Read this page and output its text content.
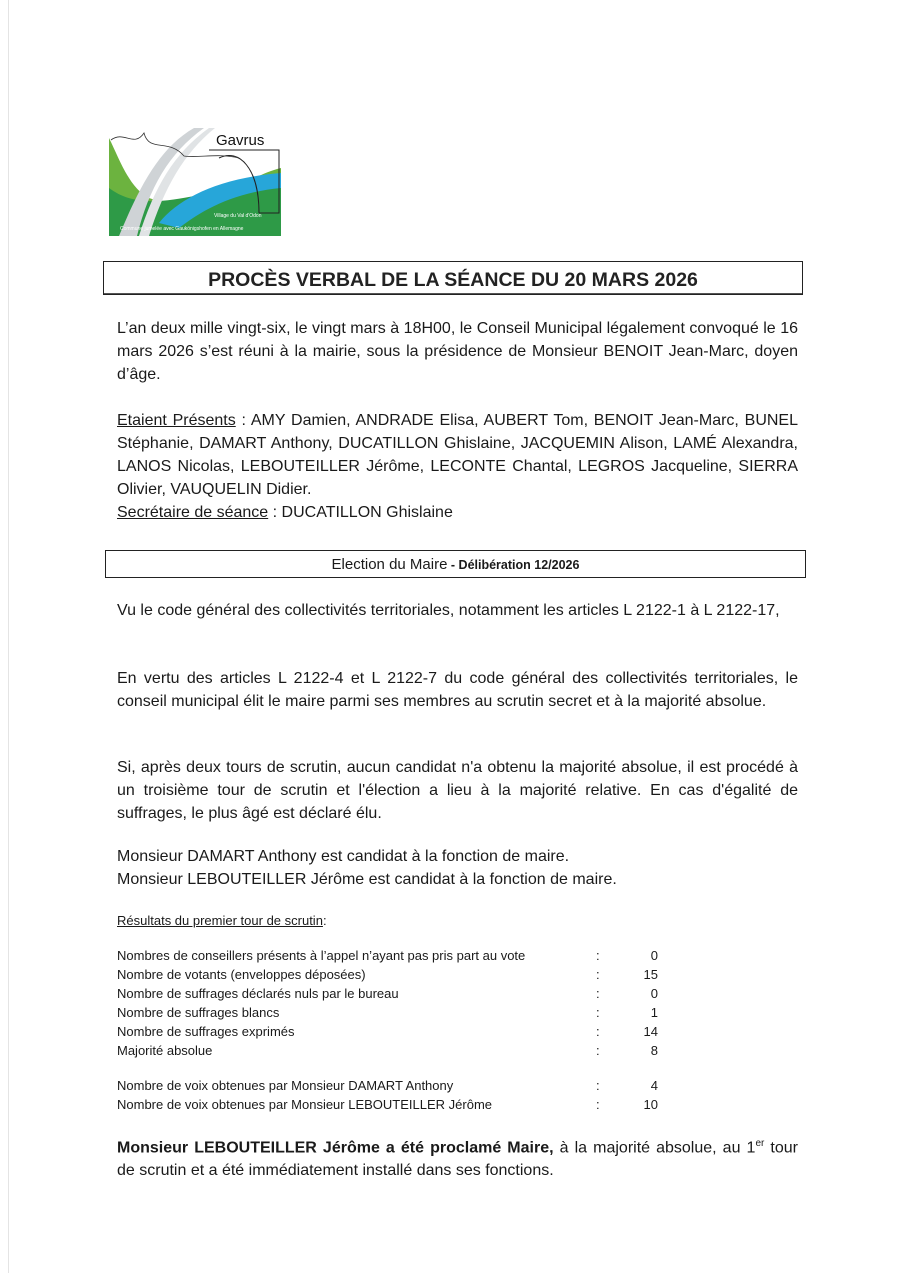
Gavrus
Village du Val d'Odon
Commune jumelée avec Gaukönigshofen en Allemagne
PROCÈS VERBAL DE LA SÉANCE DU 20 MARS 2026
L’an deux mille vingt-six, le vingt mars à 18H00, le Conseil Municipal légalement convoqué le 16 mars 2026 s’est réuni à la mairie, sous la présidence de Monsieur BENOIT Jean-Marc, doyen d’âge.
Etaient Présents : AMY Damien, ANDRADE Elisa, AUBERT Tom, BENOIT Jean-Marc, BUNEL Stéphanie, DAMART Anthony, DUCATILLON Ghislaine, JACQUEMIN Alison, LAMÉ Alexandra, LANOS Nicolas, LEBOUTEILLER Jérôme, LECONTE Chantal, LEGROS Jacqueline, SIERRA Olivier, VAUQUELIN Didier.
Secrétaire de séance : DUCATILLON Ghislaine
Election du Maire - Délibération 12/2026
Vu le code général des collectivités territoriales, notamment les articles L 2122-1 à L 2122-17,
En vertu des articles L 2122-4 et L 2122-7 du code général des collectivités territoriales, le conseil municipal élit le maire parmi ses membres au scrutin secret et à la majorité absolue.
Si, après deux tours de scrutin, aucun candidat n'a obtenu la majorité absolue, il est procédé à un troisième tour de scrutin et l'élection a lieu à la majorité relative. En cas d'égalité de suffrages, le plus âgé est déclaré élu.
Monsieur DAMART Anthony est candidat à la fonction de maire.
Monsieur LEBOUTEILLER Jérôme est candidat à la fonction de maire.
Résultats du premier tour de scrutin:
Nombres de conseillers présents à l’appel n’ayant pas pris part au vote	:	0
Nombre de votants (enveloppes déposées)	:	15
Nombre de suffrages déclarés nuls par le bureau	:	0
Nombre de suffrages blancs	:	1
Nombre de suffrages exprimés	:	14
Majorité absolue	:	8
Nombre de voix obtenues par Monsieur DAMART Anthony	:	4
Nombre de voix obtenues par Monsieur LEBOUTEILLER Jérôme	:	10
Monsieur LEBOUTEILLER Jérôme a été proclamé Maire, à la majorité absolue, au 1er tour de scrutin et a été immédiatement installé dans ses fonctions.
